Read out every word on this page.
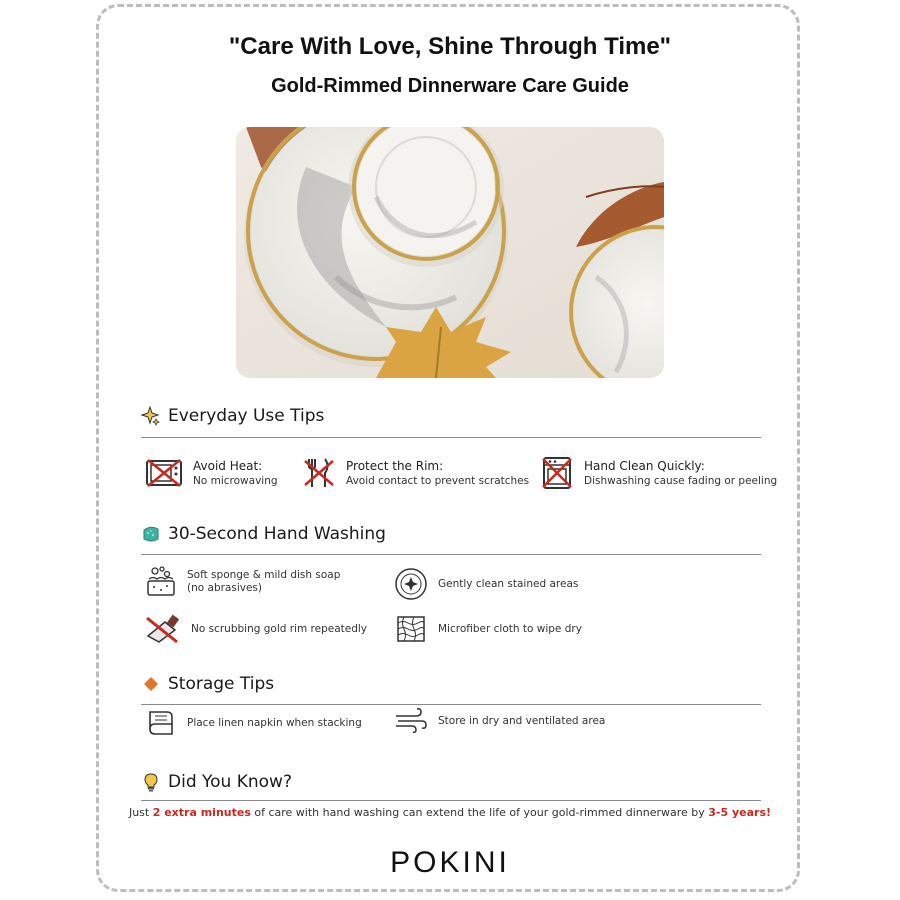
"Care With Love, Shine Through Time"
Gold-Rimmed Dinnerware Care Guide
Everyday Use Tips
Avoid Heat:
No microwaving
Protect the Rim:
Avoid contact to prevent scratches
Hand Clean Quickly:
Dishwashing cause fading or peeling
30-Second Hand Washing
Soft sponge & mild dish soap
(no abrasives)	Gently clean stained areas
No scrubbing gold rim repeatedly	Microfiber cloth to wipe dry
Storage Tips
Place linen napkin when stacking	Store in dry and ventilated area
Did You Know?
Just 2 extra minutes of care with hand washing can extend the life of your gold-rimmed dinnerware by 3-5 years!
POKINI
